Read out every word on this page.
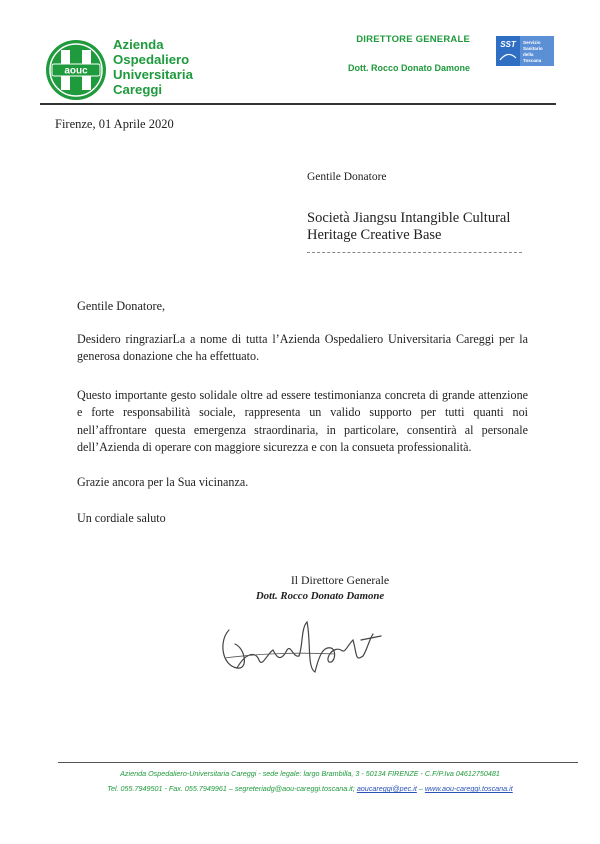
aouc
Azienda
Ospedaliero
Universitaria
Careggi
DIRETTORE GENERALE
Dott. Rocco Donato Damone
SST Servizio
Sanitario
della
Toscana
Firenze, 01 Aprile 2020
Gentile Donatore
Società Jiangsu Intangible Cultural Heritage Creative Base
Gentile Donatore,
Desidero ringraziarLa a nome di tutta l’Azienda Ospedaliero Universitaria Careggi per la generosa donazione che ha effettuato.
Questo importante gesto solidale oltre ad essere testimonianza concreta di grande attenzione e forte responsabilità sociale, rappresenta un valido supporto per tutti quanti noi nell’affrontare questa emergenza straordinaria, in particolare, consentirà al personale dell’Azienda di operare con maggiore sicurezza e con la consueta professionalità.
Grazie ancora per la Sua vicinanza.
Un cordiale saluto
Il Direttore Generale
Dott. Rocco Donato Damone
Azienda Ospedaliero-Universitaria Careggi - sede legale: largo Brambilla, 3 - 50134 FIRENZE - C.F/P.Iva 04612750481
Tel. 055.7949501 - Fax. 055.7949961 – segreteriadg@aou-careggi.toscana.it; aoucareggi@pec.it – www.aou-careggi.toscana.it
